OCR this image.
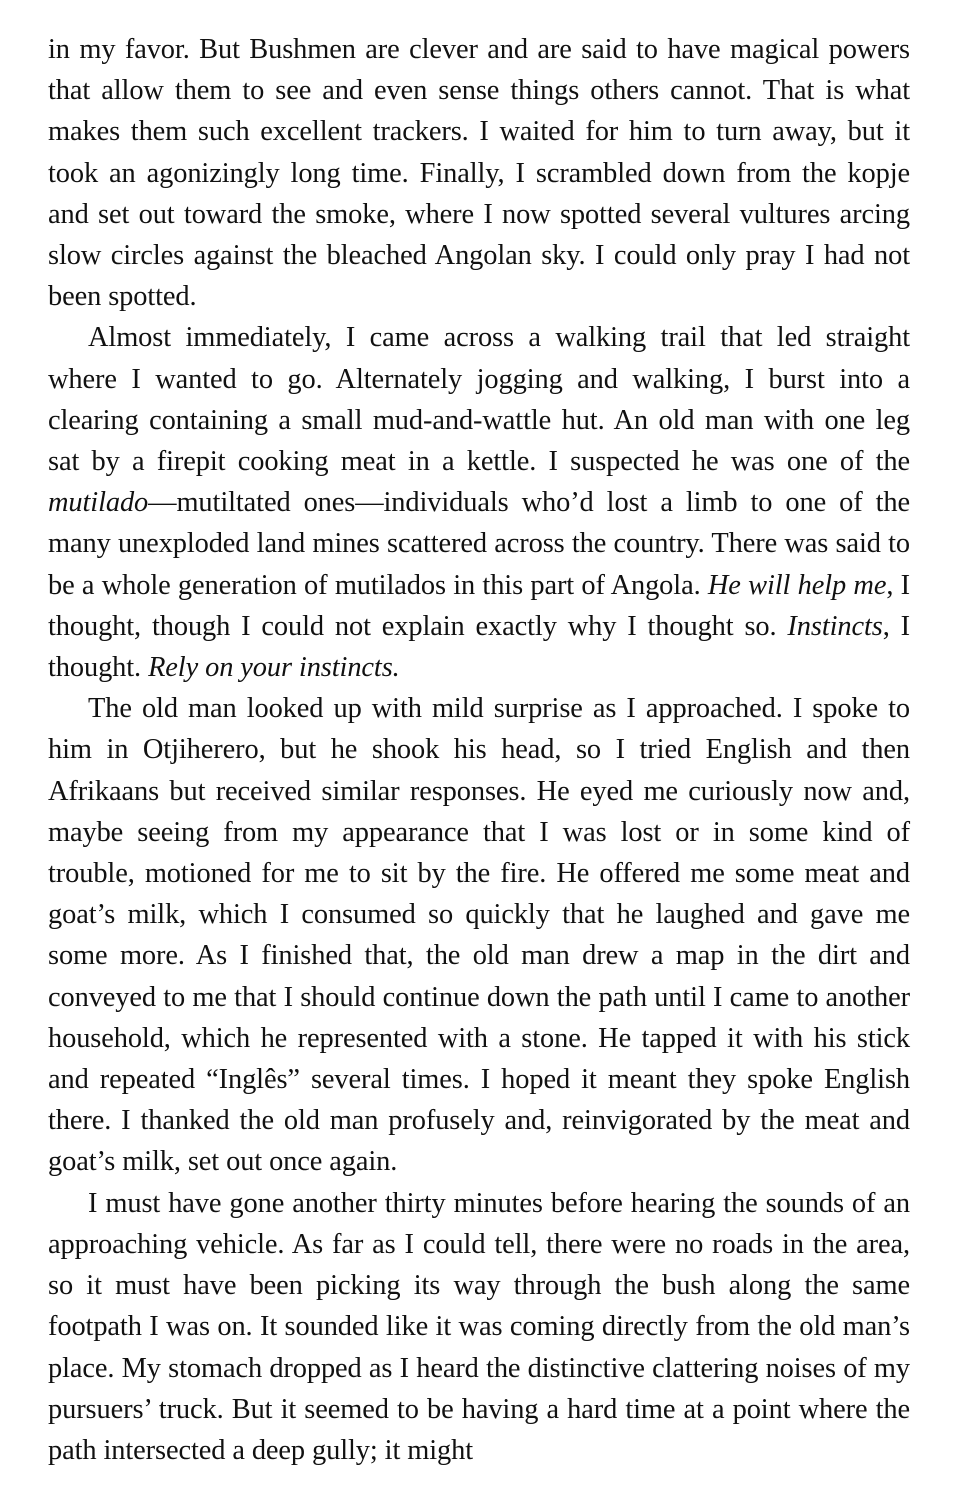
in my favor. But Bushmen are clever and are said to have magical powers that allow them to see and even sense things others cannot. That is what makes them such excellent trackers. I waited for him to turn away, but it took an agonizingly long time. Finally, I scrambled down from the kopje and set out toward the smoke, where I now spotted several vultures arcing slow circles against the bleached Angolan sky. I could only pray I had not been spotted.

Almost immediately, I came across a walking trail that led straight where I wanted to go. Alternately jogging and walking, I burst into a clearing containing a small mud-and-wattle hut. An old man with one leg sat by a firepit cooking meat in a kettle. I suspected he was one of the mutilado—mutiltated ones—individuals who’d lost a limb to one of the many unexploded land mines scattered across the country. There was said to be a whole generation of mutilados in this part of Angola. He will help me, I thought, though I could not explain exactly why I thought so. Instincts, I thought. Rely on your instincts.

The old man looked up with mild surprise as I approached. I spoke to him in Otjiherero, but he shook his head, so I tried English and then Afrikaans but received similar responses. He eyed me curiously now and, maybe seeing from my appearance that I was lost or in some kind of trouble, motioned for me to sit by the fire. He offered me some meat and goat’s milk, which I consumed so quickly that he laughed and gave me some more. As I finished that, the old man drew a map in the dirt and conveyed to me that I should continue down the path until I came to another household, which he represented with a stone. He tapped it with his stick and repeated “Inglês” several times. I hoped it meant they spoke English there. I thanked the old man profusely and, reinvigorated by the meat and goat’s milk, set out once again.

I must have gone another thirty minutes before hearing the sounds of an approaching vehicle. As far as I could tell, there were no roads in the area, so it must have been picking its way through the bush along the same footpath I was on. It sounded like it was coming directly from the old man’s place. My stomach dropped as I heard the distinctive clattering noises of my pursuers’ truck. But it seemed to be having a hard time at a point where the path intersected a deep gully; it might
